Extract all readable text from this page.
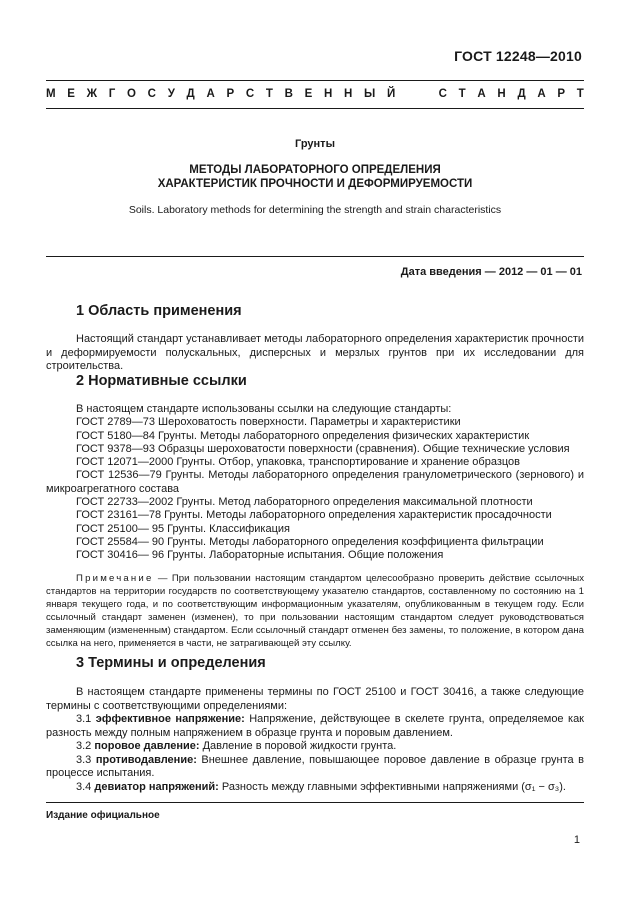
ГОСТ 12248—2010
М Е Ж Г О С У Д А Р С Т В Е Н Н Ы Й	С Т А Н Д А Р Т
Грунты
МЕТОДЫ ЛАБОРАТОРНОГО ОПРЕДЕЛЕНИЯ
ХАРАКТЕРИСТИК ПРОЧНОСТИ И ДЕФОРМИРУЕМОСТИ
Soils. Laboratory methods for determining the strength and strain characteristics
Дата введения — 2012 — 01 — 01
1 Область применения
Настоящий стандарт устанавливает методы лабораторного определения характеристик прочности и деформируемости полускальных, дисперсных и мерзлых грунтов при их исследовании для строительства.
2 Нормативные ссылки
В настоящем стандарте использованы ссылки на следующие стандарты:
ГОСТ 2789—73 Шероховатость поверхности. Параметры и характеристики
ГОСТ 5180—84 Грунты. Методы лабораторного определения физических характеристик
ГОСТ 9378—93 Образцы шероховатости поверхности (сравнения). Общие технические условия
ГОСТ 12071—2000 Грунты. Отбор, упаковка, транспортирование и хранение образцов
ГОСТ 12536—79 Грунты. Методы лабораторного определения гранулометрического (зернового) и микроагрегатного состава
ГОСТ 22733—2002 Грунты. Метод лабораторного определения максимальной плотности
ГОСТ 23161—78 Грунты. Методы лабораторного определения характеристик просадочности
ГОСТ 25100— 95 Грунты. Классификация
ГОСТ 25584— 90 Грунты. Методы лабораторного определения коэффициента фильтрации
ГОСТ 30416— 96 Грунты. Лабораторные испытания. Общие положения
Примечание — При пользовании настоящим стандартом целесообразно проверить действие ссылочных стандартов на территории государств по соответствующему указателю стандартов, составленному по состоянию на 1 января текущего года, и по соответствующим информационным указателям, опубликованным в текущем году. Если ссылочный стандарт заменен (изменен), то при пользовании настоящим стандартом следует руководствоваться заменяющим (измененным) стандартом. Если ссылочный стандарт отменен без замены, то положение, в котором дана ссылка на него, применяется в части, не затрагивающей эту ссылку.
3 Термины и определения
В настоящем стандарте применены термины по ГОСТ 25100 и ГОСТ 30416, а также следующие термины с соответствующими определениями:
3.1 эффективное напряжение: Напряжение, действующее в скелете грунта, определяемое как разность между полным напряжением в образце грунта и поровым давлением.
3.2 поровое давление: Давление в поровой жидкости грунта.
3.3 противодавление: Внешнее давление, повышающее поровое давление в образце грунта в процессе испытания.
3.4 девиатор напряжений: Разность между главными эффективными напряжениями (σ₁ − σ₃).
Издание официальное
1
